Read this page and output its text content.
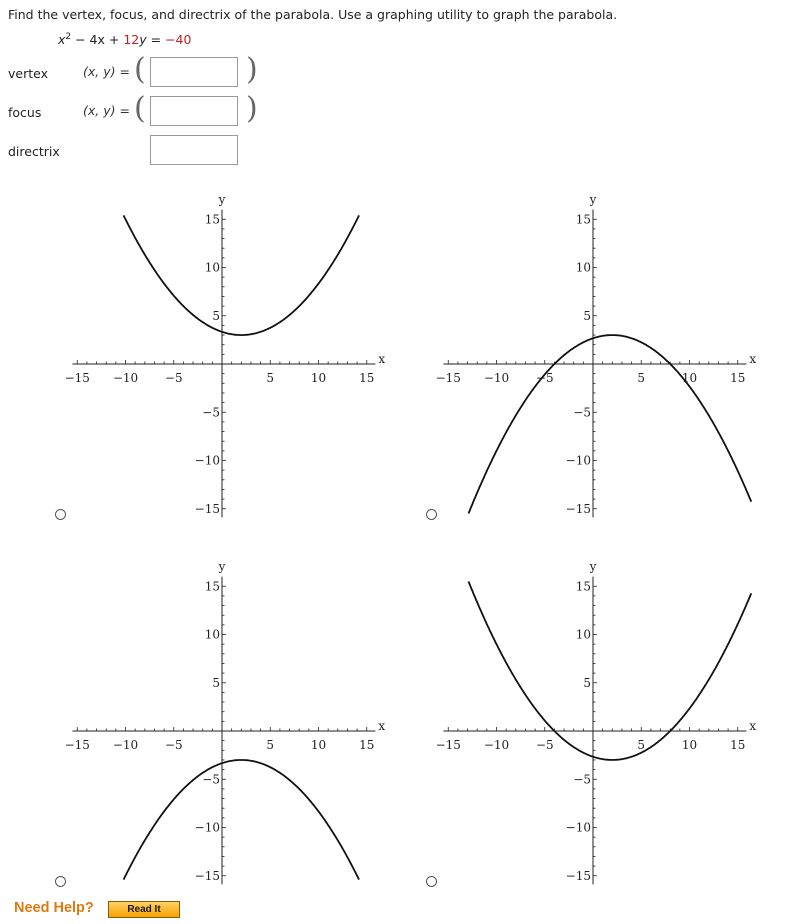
Find the vertex, focus, and directrix of the parabola. Use a graphing utility to graph the parabola.
$x^2 - 4x + 12y = -40$
vertex	(x, y) = (	)
focus	(x, y) = (	)
directrix
−15 −10 −5	5	10	15
15
10
5
−5
−10
−15
x
y
−15 −10 −5	5	10	15
15
10
5
−5
−10
−15
x
y
−15 −10 −5	5	10	15
15
10
5
−5
−10
−15
x
y
−15 −10 −5	5	10	15
15
10
5
−5
−10
−15
x
y
Need Help?	Read It
